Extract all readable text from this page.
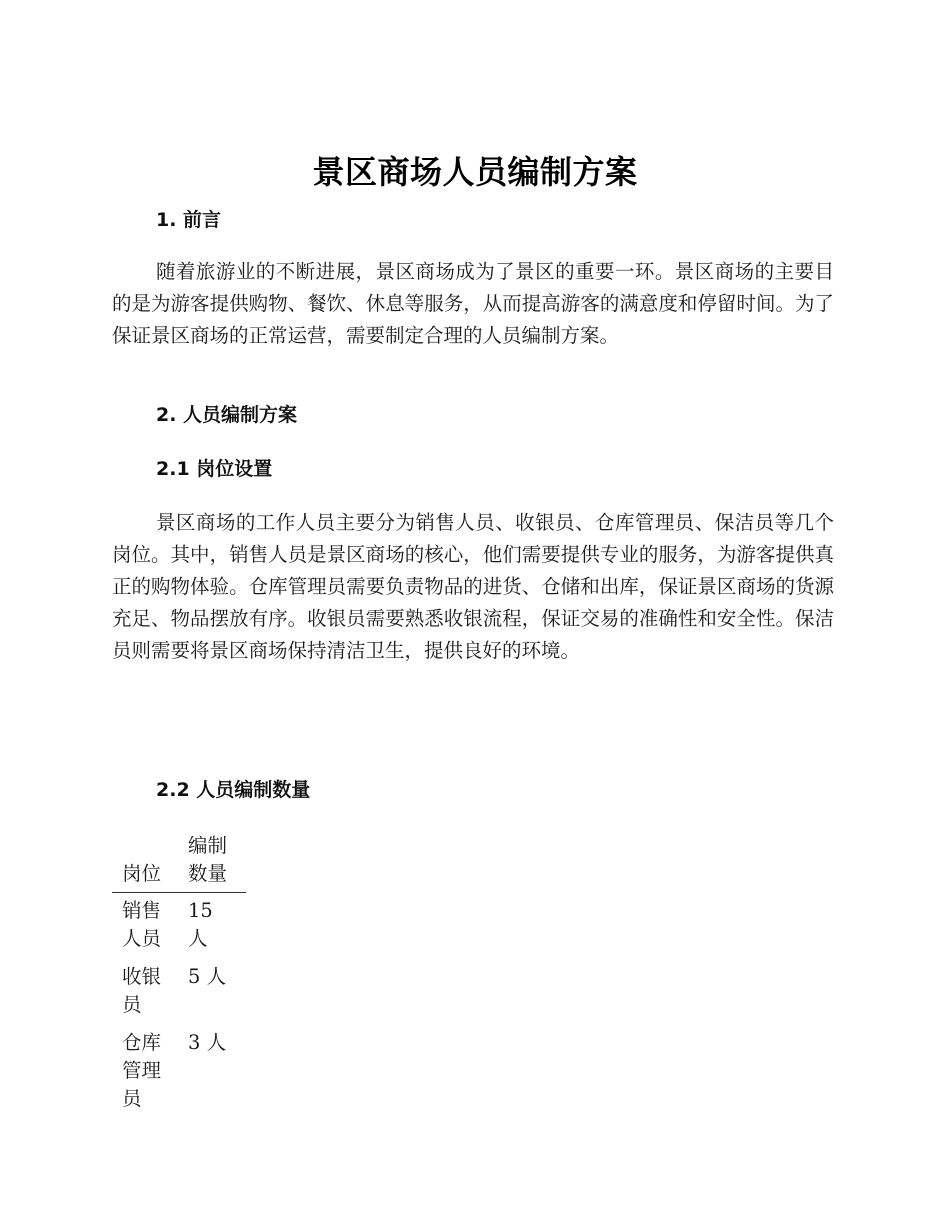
景区商场人员编制方案
1. 前言

随着旅游业的不断进展，景区商场成为了景区的重要一环。景区商场的主要目的是为游客提供购物、餐饮、休息等服务，从而提高游客的满意度和停留时间。为了保证景区商场的正常运营，需要制定合理的人员编制方案。

2. 人员编制方案
2.1 岗位设置

景区商场的工作人员主要分为销售人员、收银员、仓库管理员、保洁员等几个岗位。其中，销售人员是景区商场的核心，他们需要提供专业的服务，为游客提供真正的购物体验。仓库管理员需要负责物品的进货、仓储和出库，保证景区商场的货源充足、物品摆放有序。收银员需要熟悉收银流程，保证交易的准确性和安全性。保洁员则需要将景区商场保持清洁卫生，提供良好的环境。

2.2 人员编制数量
岗位	编制数量
销售人员	15 人
收银员	5 人
仓库管理员	3 人
